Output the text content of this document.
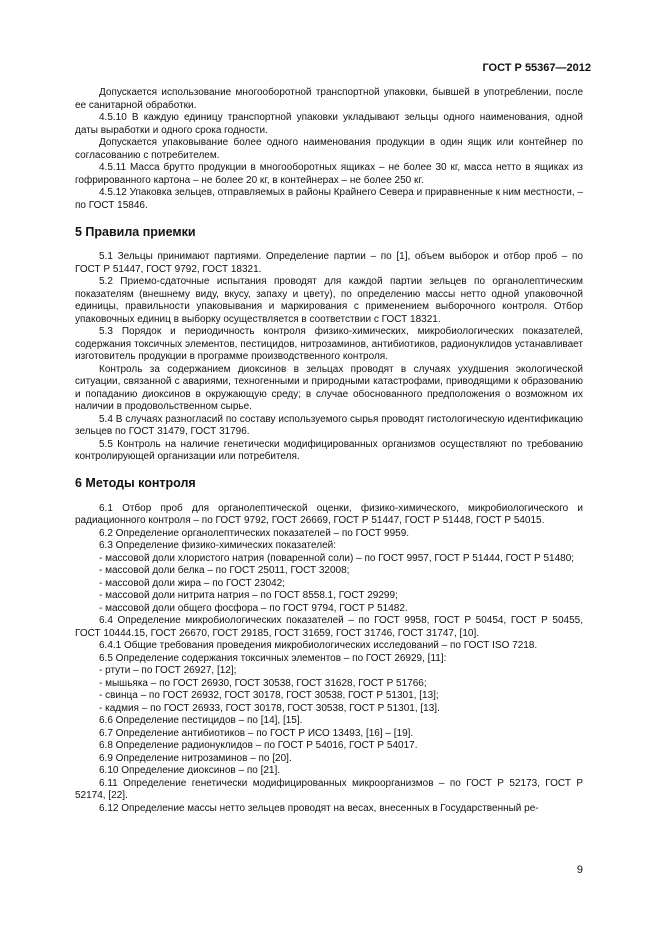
ГОСТ Р 55367—2012

Допускается использование многооборотной транспортной упаковки, бывшей в употреблении, после ее санитарной обработки.

4.5.10 В каждую единицу транспортной упаковки укладывают зельцы одного наименования, одной даты выработки и одного срока годности.

Допускается упаковывание более одного наименования продукции в один ящик или контейнер по согласованию с потребителем.

4.5.11 Масса брутто продукции в многооборотных ящиках – не более 30 кг, масса нетто в ящиках из гофрированного картона – не более 20 кг, в контейнерах – не более 250 кг.

4.5.12 Упаковка зельцев, отправляемых в районы Крайнего Севера и приравненные к ним местности, – по ГОСТ 15846.

5 Правила приемки

5.1 Зельцы принимают партиями. Определение партии – по [1], объем выборок и отбор проб – по ГОСТ Р 51447, ГОСТ 9792, ГОСТ 18321.

5.2 Приемо-сдаточные испытания проводят для каждой партии зельцев по органолептическим показателям (внешнему виду, вкусу, запаху и цвету), по определению массы нетто одной упаковочной единицы, правильности упаковывания и маркирования с применением выборочного контроля. Отбор упаковочных единиц в выборку осуществляется в соответствии с ГОСТ 18321.

5.3 Порядок и периодичность контроля физико-химических, микробиологических показателей, содержания токсичных элементов, пестицидов, нитрозаминов, антибиотиков, радионуклидов устанавливает изготовитель продукции в программе производственного контроля.

Контроль за содержанием диоксинов в зельцах проводят в случаях ухудшения экологической ситуации, связанной с авариями, техногенными и природными катастрофами, приводящими к образованию и попаданию диоксинов в окружающую среду; в случае обоснованного предположения о возможном их наличии в продовольственном сырье.

5.4 В случаях разногласий по составу используемого сырья проводят гистологическую идентификацию зельцев по ГОСТ 31479, ГОСТ 31796.

5.5 Контроль на наличие генетически модифицированных организмов осуществляют по требованию контролирующей организации или потребителя.

6 Методы контроля

6.1 Отбор проб для органолептической оценки, физико-химического, микробиологического и радиационного контроля – по ГОСТ 9792, ГОСТ 26669, ГОСТ Р 51447, ГОСТ Р 51448, ГОСТ Р 54015.

6.2 Определение органолептических показателей – по ГОСТ 9959.

6.3 Определение физико-химических показателей:

- массовой доли хлористого натрия (поваренной соли) – по ГОСТ 9957, ГОСТ Р 51444, ГОСТ Р 51480;

- массовой доли белка – по ГОСТ 25011, ГОСТ 32008;

- массовой доли жира – по ГОСТ 23042;

- массовой доли нитрита натрия – по ГОСТ 8558.1, ГОСТ 29299;

- массовой доли общего фосфора – по ГОСТ 9794, ГОСТ Р 51482.

6.4 Определение микробиологических показателей – по ГОСТ 9958, ГОСТ Р 50454, ГОСТ Р 50455, ГОСТ 10444.15, ГОСТ 26670, ГОСТ 29185, ГОСТ 31659, ГОСТ 31746, ГОСТ 31747, [10].

6.4.1 Общие требования проведения микробиологических исследований – по ГОСТ ISO 7218.

6.5 Определение содержания токсичных элементов – по ГОСТ 26929, [11]:

- ртути – по ГОСТ 26927, [12];

- мышьяка – по ГОСТ 26930, ГОСТ 30538, ГОСТ 31628, ГОСТ Р 51766;

- свинца – по ГОСТ 26932, ГОСТ 30178, ГОСТ 30538, ГОСТ Р 51301, [13];

- кадмия – по ГОСТ 26933, ГОСТ 30178, ГОСТ 30538, ГОСТ Р 51301, [13].

6.6 Определение пестицидов – по [14], [15].

6.7 Определение антибиотиков – по ГОСТ Р ИСО 13493, [16] – [19].

6.8 Определение радионуклидов – по ГОСТ Р 54016, ГОСТ Р 54017.

6.9 Определение нитрозаминов – по [20].

6.10 Определение диоксинов – по [21].

6.11 Определение генетически модифицированных микроорганизмов – по ГОСТ Р 52173, ГОСТ Р 52174, [22].

6.12 Определение массы нетто зельцев проводят на весах, внесенных в Государственный ре-

9
